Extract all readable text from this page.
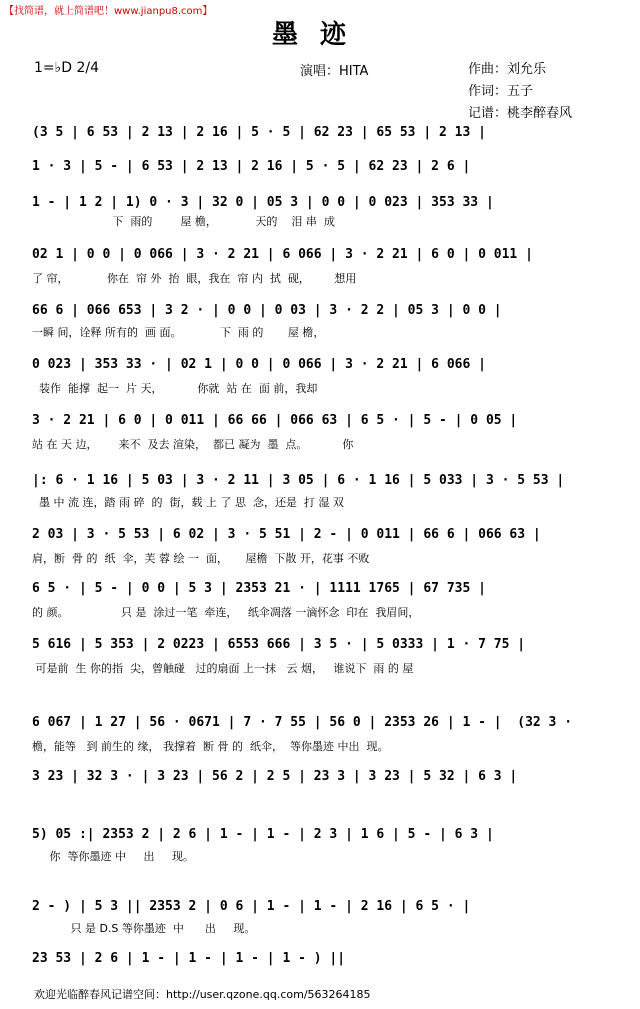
【找简谱，就上简谱吧！www.jianpu8.com】
墨迹
1=♭D 2/4	演唱：HITA	作曲：刘允乐
作词：五子
记谱：桃李醉春风
(3 5 | 6 53 | 2 13 | 2 16 | 5 · 5 | 62 23 | 65 53 | 2 13 |
1 · 3 | 5 - | 6 53 | 2 13 | 2 16 | 5 · 5 | 62 23 | 2 6 |
1 - | 1 2 | 1) 0 · 3 | 32 0 | 05 3 | 0 0 | 0 023 | 353 33 |
下  雨的        屋 檐，           天的    泪 串  成
02 1 | 0 0 | 0 066 | 3 · 2 21 | 6 066 | 3 · 2 21 | 6 0 | 0 011 |
了 帘，           你在  帘 外  抬  眼，我在  帘 内  拭  砚，       想用
66 6 | 066 653 | 3 2 · | 0 0 | 0 03 | 3 · 2 2 | 05 3 | 0 0 |
一瞬 间，诠释 所有的  画 面。           下  雨 的       屋 檐，
0 023 | 353 33 · | 02 1 | 0 0 | 0 066 | 3 · 2 21 | 6 066 |
装作  能撑  起一  片 天，          你就  站 在  面 前，我却
3 · 2 21 | 6 0 | 0 011 | 66 66 | 066 63 | 6 5 · | 5 - | 0 05 |
站 在 天 边，      来不  及去 渲染，  都已 凝为  墨  点。          你
|: 6 · 1 16 | 5 03 | 3 · 2 11 | 3 05 | 6 · 1 16 | 5 033 | 3 · 5 53 |
墨 中 流 连，踏 雨 碎  的  街，载 上 了 思  念，还是  打 湿 双
2 03 | 3 · 5 53 | 6 02 | 3 · 5 51 | 2 - | 0 011 | 66 6 | 066 63 |
肩，断  骨 的  纸  伞，芙 蓉 绘 一  面，     屋檐  下散 开，花事 不败
6 5 · | 5 - | 0 0 | 5 3 | 2353 21 · | 1111 1765 | 67 735 |
的 颜。               只 是  涂过一笔  牵连，   纸伞凋落 一滴怀念  印在  我眉间，
5 616 | 5 353 | 2 0223 | 6553 666 | 3 5 · | 5 0333 | 1 · 7 75 |
可是前  生 你的指  尖，曾触碰   过的扇面 上一抹   云 烟，   谁说下  雨 的 屋
6 067 | 1 27 | 56 · 0671 | 7 · 7 55 | 56 0 | 2353 26 | 1 - |  (32 3 ·
檐，能等   到 前生的 缘， 我撑着  断 骨 的  纸伞，  等你墨迹 中出  现。
3 23 | 32 3 · | 3 23 | 56 2 | 2 5 | 23 3 | 3 23 | 5 32 | 6 3 |
5) 05 :| 2353 2 | 2 6 | 1 - | 1 - | 2 3 | 1 6 | 5 - | 6 3 |
你  等你墨迹 中     出     现。
2 - ) | 5 3 || 2353 2 | 0 6 | 1 - | 1 - | 2 16 | 6 5 · |
只 是 D.S 等你墨迹  中      出     现。
23 53 | 2 6 | 1 - | 1 - | 1 - | 1 - ) ||
欢迎光临醉春风记谱空间：http://user.qzone.qq.com/563264185
